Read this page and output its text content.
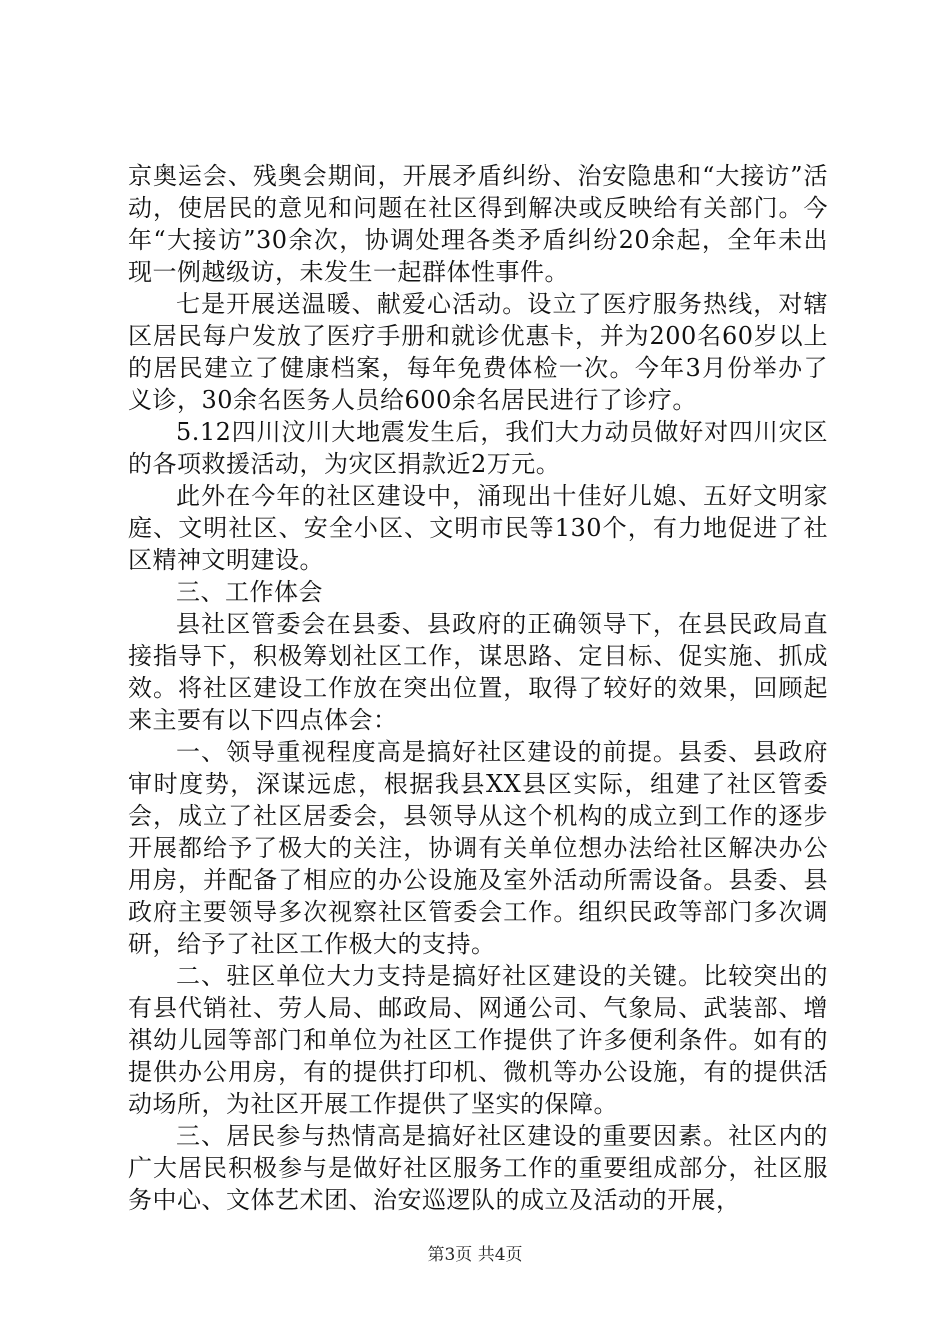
京奥运会、残奥会期间，开展矛盾纠纷、治安隐患和“大接访”活动，使居民的意见和问题在社区得到解决或反映给有关部门。今年“大接访”30余次，协调处理各类矛盾纠纷20余起，全年未出现一例越级访，未发生一起群体性事件。

七是开展送温暖、献爱心活动。设立了医疗服务热线，对辖区居民每户发放了医疗手册和就诊优惠卡，并为200名60岁以上的居民建立了健康档案，每年免费体检一次。今年3月份举办了义诊，30余名医务人员给600余名居民进行了诊疗。

5.12四川汶川大地震发生后，我们大力动员做好对四川灾区的各项救援活动，为灾区捐款近2万元。

此外在今年的社区建设中，涌现出十佳好儿媳、五好文明家庭、文明社区、安全小区、文明市民等130个，有力地促进了社区精神文明建设。

三、工作体会

县社区管委会在县委、县政府的正确领导下，在县民政局直接指导下，积极筹划社区工作，谋思路、定目标、促实施、抓成效。将社区建设工作放在突出位置，取得了较好的效果，回顾起来主要有以下四点体会：

一、领导重视程度高是搞好社区建设的前提。县委、县政府审时度势，深谋远虑，根据我县XX县区实际，组建了社区管委会，成立了社区居委会，县领导从这个机构的成立到工作的逐步开展都给予了极大的关注，协调有关单位想办法给社区解决办公用房，并配备了相应的办公设施及室外活动所需设备。县委、县政府主要领导多次视察社区管委会工作。组织民政等部门多次调研，给予了社区工作极大的支持。

二、驻区单位大力支持是搞好社区建设的关键。比较突出的有县代销社、劳人局、邮政局、网通公司、气象局、武装部、增祺幼儿园等部门和单位为社区工作提供了许多便利条件。如有的提供办公用房，有的提供打印机、微机等办公设施，有的提供活动场所，为社区开展工作提供了坚实的保障。

三、居民参与热情高是搞好社区建设的重要因素。社区内的广大居民积极参与是做好社区服务工作的重要组成部分，社区服务中心、文体艺术团、治安巡逻队的成立及活动的开展，

第3页 共4页
